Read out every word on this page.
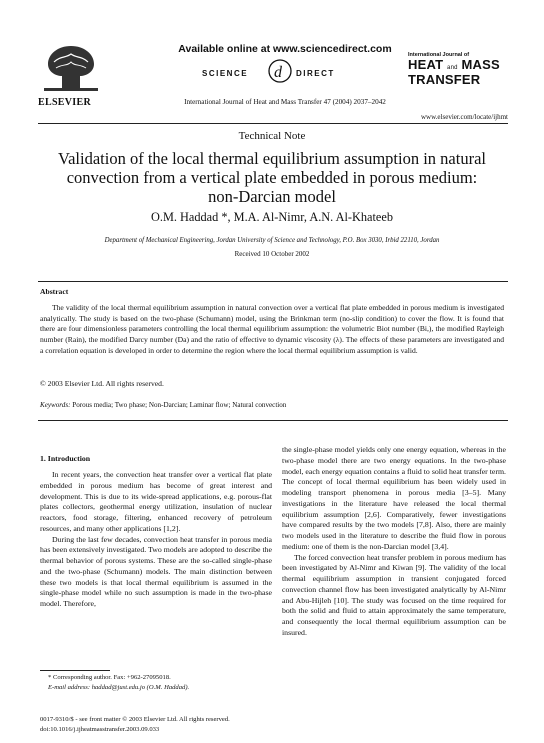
ELSEVIER
Available online at www.sciencedirect.com
SCIENCE d DIRECT
International Journal of Heat and Mass Transfer 47 (2004) 2037–2042
International Journal of
HEAT and MASS
TRANSFER
www.elsevier.com/locate/ijhmt
Technical Note
Validation of the local thermal equilibrium assumption in natural convection from a vertical plate embedded in porous medium: non-Darcian model
O.M. Haddad *, M.A. Al-Nimr, A.N. Al-Khateeb
Department of Mechanical Engineering, Jordan University of Science and Technology, P.O. Box 3030, Irbid 22110, Jordan
Received 10 October 2002
Abstract
The validity of the local thermal equilibrium assumption in natural convection over a vertical flat plate embedded in porous medium is investigated analytically. The study is based on the two-phase (Schumann) model, using the Brinkman term (no-slip condition) to cover the flow. It is found that there are four dimensionless parameters controlling the local thermal equilibrium assumption: the volumetric Biot number (Bi,), the modified Rayleigh number (Rain), the modified Darcy number (Da) and the ratio of effective to dynamic viscosity (λ). The effects of these parameters are investigated and a correlation equation is developed in order to determine the region where the local thermal equilibrium assumption is valid.
© 2003 Elsevier Ltd. All rights reserved.
Keywords: Porous media; Two phase; Non-Darcian; Laminar flow; Natural convection
1. Introduction

In recent years, the convection heat transfer over a vertical flat plate embedded in porous medium has become of great interest and development. This is due to its wide-spread applications, e.g. porous-flat plates collectors, geothermal energy utilization, insulation of nuclear reactors, food storage, filtering, enhanced recovery of petroleum resources, and many other applications [1,2].

During the last few decades, convection heat transfer in porous media has been extensively investigated. Two models are adopted to describe the thermal behavior of porous systems. These are the so-called single-phase and the two-phase (Schumann) models. The main distinction between these two models is that local thermal equilibrium is assumed in the single-phase model while no such assumption is made in the two-phase model. Therefore,

the single-phase model yields only one energy equation, whereas in the two-phase model there are two energy equations. In the two-phase model, each energy equation contains a fluid to solid heat transfer term. The concept of local thermal equilibrium has been widely used in modeling transport phenomena in porous media [3–5]. Many investigations in the literature have released the local thermal equilibrium assumption [2,6]. Comparatively, fewer investigations have compared results by the two models [7,8]. Also, there are mainly two models used in the literature to describe the fluid flow in porous medium: one of them is the non-Darcian model [3,4].

The forced convection heat transfer problem in porous medium has been investigated by Al-Nimr and Kiwan [9]. The validity of the local thermal equilibrium assumption in transient conjugated forced convection channel flow has been investigated analytically by Al-Nimr and Abu-Hijleh [10]. The study was focused on the time required for both the solid and fluid to attain approximately the same temperature, and consequently the local thermal equilibrium assumption can be insured.

* Corresponding author. Fax: +962-27095018.
E-mail address: haddad@just.edu.jo (O.M. Haddad).
0017-9310/$ - see front matter © 2003 Elsevier Ltd. All rights reserved.
doi:10.1016/j.ijheatmasstransfer.2003.09.033
